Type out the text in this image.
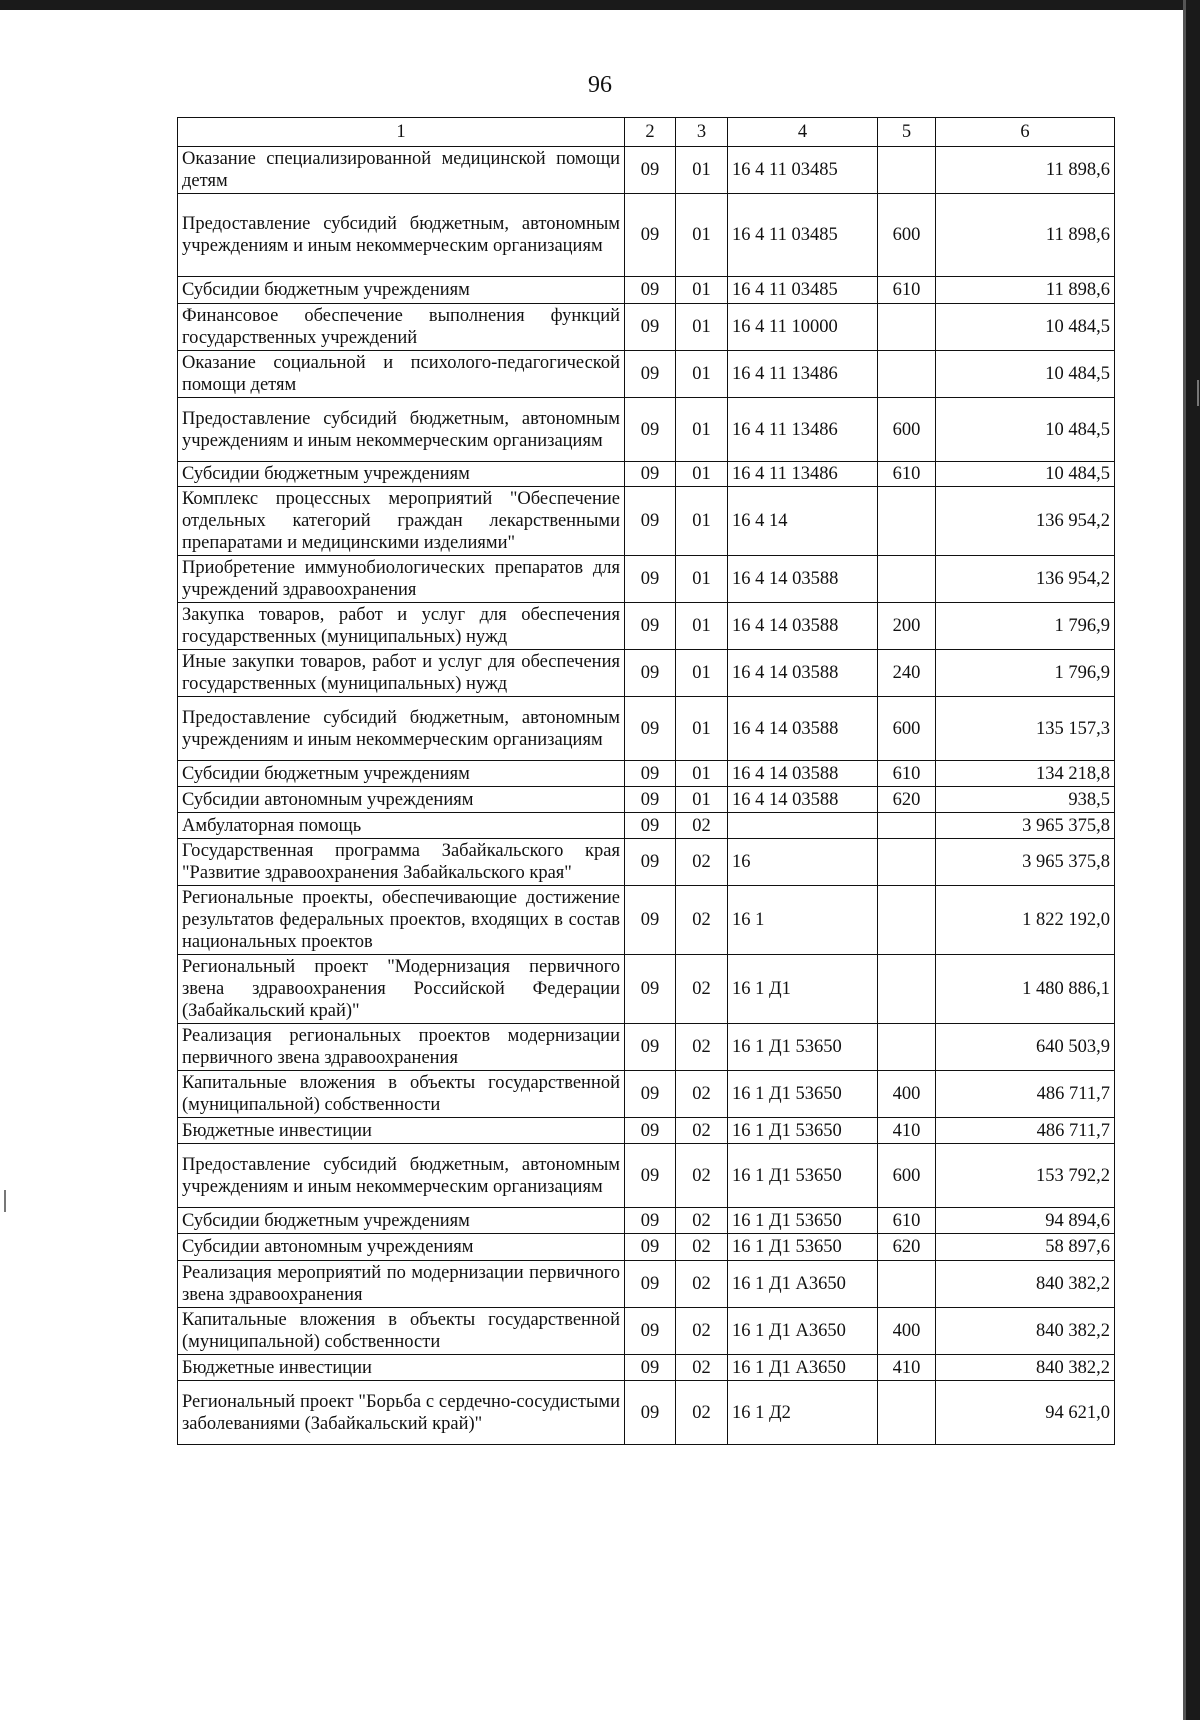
96
1	2	3	4	5	6
Оказание специализированной медицинской помощи детям	09	01	16 4 11 03485		11 898,6
Предоставление субсидий бюджетным, автономным учреждениям и иным некоммерческим организациям	09	01	16 4 11 03485	600	11 898,6
Субсидии бюджетным учреждениям	09	01	16 4 11 03485	610	11 898,6
Финансовое обеспечение выполнения функций государственных учреждений	09	01	16 4 11 10000		10 484,5
Оказание социальной и психолого-педагогической помощи детям	09	01	16 4 11 13486		10 484,5
Предоставление субсидий бюджетным, автономным учреждениям и иным некоммерческим организациям	09	01	16 4 11 13486	600	10 484,5
Субсидии бюджетным учреждениям	09	01	16 4 11 13486	610	10 484,5
Комплекс процессных мероприятий "Обеспечение отдельных категорий граждан лекарственными препаратами и медицинскими изделиями"	09	01	16 4 14		136 954,2
Приобретение иммунобиологических препаратов для учреждений здравоохранения	09	01	16 4 14 03588		136 954,2
Закупка товаров, работ и услуг для обеспечения государственных (муниципальных) нужд	09	01	16 4 14 03588	200	1 796,9
Иные закупки товаров, работ и услуг для обеспечения государственных (муниципальных) нужд	09	01	16 4 14 03588	240	1 796,9
Предоставление субсидий бюджетным, автономным учреждениям и иным некоммерческим организациям	09	01	16 4 14 03588	600	135 157,3
Субсидии бюджетным учреждениям	09	01	16 4 14 03588	610	134 218,8
Субсидии автономным учреждениям	09	01	16 4 14 03588	620	938,5
Амбулаторная помощь	09	02			3 965 375,8
Государственная программа Забайкальского края "Развитие здравоохранения Забайкальского края"	09	02	16		3 965 375,8
Региональные проекты, обеспечивающие достижение результатов федеральных проектов, входящих в состав национальных проектов	09	02	16 1		1 822 192,0
Региональный проект "Модернизация первичного звена здравоохранения Российской Федерации (Забайкальский край)"	09	02	16 1 Д1		1 480 886,1
Реализация региональных проектов модернизации первичного звена здравоохранения	09	02	16 1 Д1 53650		640 503,9
Капитальные вложения в объекты государственной (муниципальной) собственности	09	02	16 1 Д1 53650	400	486 711,7
Бюджетные инвестиции	09	02	16 1 Д1 53650	410	486 711,7
Предоставление субсидий бюджетным, автономным учреждениям и иным некоммерческим организациям	09	02	16 1 Д1 53650	600	153 792,2
Субсидии бюджетным учреждениям	09	02	16 1 Д1 53650	610	94 894,6
Субсидии автономным учреждениям	09	02	16 1 Д1 53650	620	58 897,6
Реализация мероприятий по модернизации первичного звена здравоохранения	09	02	16 1 Д1 А3650		840 382,2
Капитальные вложения в объекты государственной (муниципальной) собственности	09	02	16 1 Д1 А3650	400	840 382,2
Бюджетные инвестиции	09	02	16 1 Д1 А3650	410	840 382,2
Региональный проект "Борьба с сердечно-сосудистыми заболеваниями (Забайкальский край)"	09	02	16 1 Д2		94 621,0
